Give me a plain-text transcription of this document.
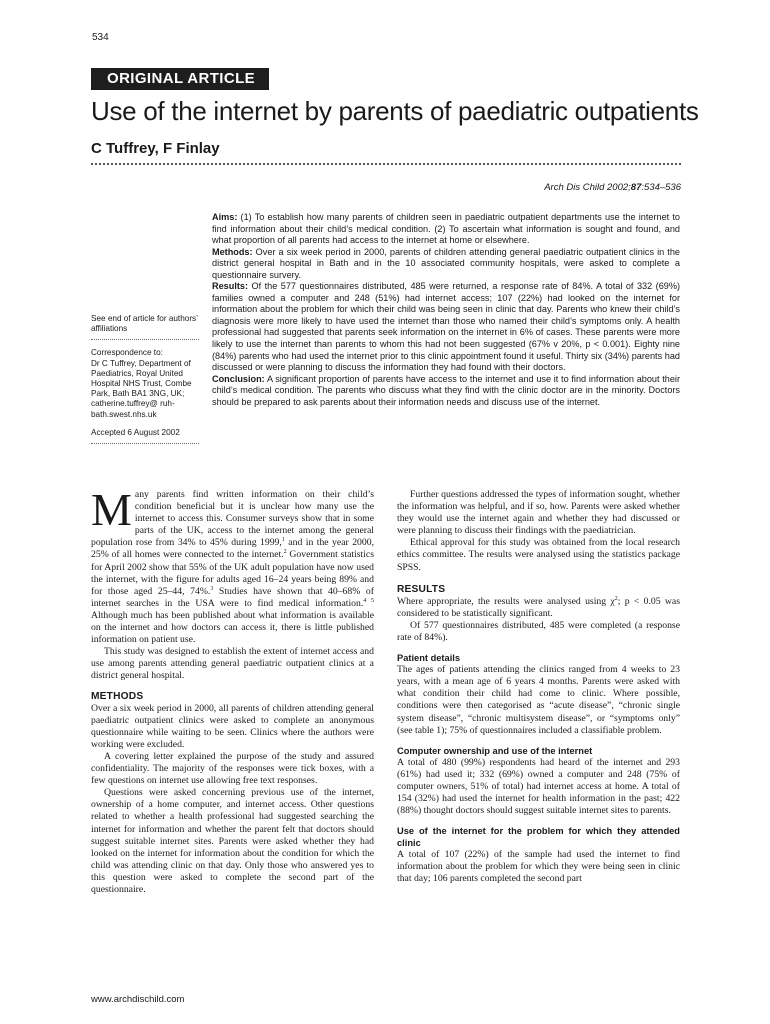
534
ORIGINAL ARTICLE
Use of the internet by parents of paediatric outpatients
C Tuffrey, F Finlay
Arch Dis Child 2002;87:534–536
See end of article for authors’ affiliations
Correspondence to:
Dr C Tuffrey, Department of Paediatrics, Royal United Hospital NHS Trust, Combe Park, Bath BA1 3NG, UK; catherine.tuffrey@ ruh-bath.swest.nhs.uk
Accepted 6 August 2002

Aims: (1) To establish how many parents of children seen in paediatric outpatient departments use the internet to find information about their child’s medical condition. (2) To ascertain what information is sought and found, and what proportion of all parents had access to the internet at home or elsewhere.

Methods: Over a six week period in 2000, parents of children attending general paediatric outpatient clinics in the district general hospital in Bath and in the 10 associated community hospitals, were asked to complete a questionnaire survery.

Results: Of the 577 questionnaires distributed, 485 were returned, a response rate of 84%. A total of 332 (69%) families owned a computer and 248 (51%) had internet access; 107 (22%) had looked on the internet for information about the problem for which their child was being seen in clinic that day. Parents who knew their child’s diagnosis were more likely to have used the internet than those who named their child’s symptoms only. A health professional had suggested that parents seek information on the internet in 6% of cases. These parents were more likely to use the internet than parents to whom this had not been suggested (67% v 20%, p < 0.001). Eighty nine (84%) parents who had used the internet prior to this clinic appointment found it useful. Thirty six (34%) parents had discussed or were planning to discuss the information they had found with their doctors.

Conclusion: A significant proportion of parents have access to the internet and use it to find information about their child’s medical condition. The parents who discuss what they find with the clinic doctor are in the minority. Doctors should be prepared to ask parents about their information needs and discuss use of the internet.

Many parents find written information on their child’s condition beneficial but it is unclear how many use the internet to access this. Consumer surveys show that in some parts of the UK, access to the internet among the general population rose from 34% to 45% during 1999,$^1$ and in the year 2000, 25% of all homes were connected to the internet.$^2$ Government statistics for April 2002 show that 55% of the UK adult population have now used the internet, with the figure for adults aged 16–24 years being 89% and for those aged 25–44, 74%.$^3$ Studies have shown that 40–68% of internet searches in the USA were to find medical information.$^{4 5}$ Although much has been published about what information is available on the internet and how doctors can access it, there is little published information on patient use.

This study was designed to establish the extent of internet access and use among parents attending general paediatric outpatient clinics at a district general hospital.

METHODS

Over a six week period in 2000, all parents of children attending general paediatric outpatient clinics were asked to complete an anonymous questionnaire while waiting to be seen. Clinics where the authors were working were excluded.

A covering letter explained the purpose of the study and assured confidentiality. The majority of the responses were tick boxes, with a few questions on internet use allowing free text responses.

Questions were asked concerning previous use of the internet, ownership of a home computer, and internet access. Other questions related to whether a health professional had suggested searching the internet for information and whether the parent felt that doctors should suggest suitable internet sites. Parents were asked whether they had looked on the internet for information about the condition for which the child was attending clinic on that day. Only those who answered yes to this question were asked to complete the second part of the questionnaire.

Further questions addressed the types of information sought, whether the information was helpful, and if so, how. Parents were asked whether they would use the internet again and whether they had discussed or were planning to discuss their findings with the paediatrician.

Ethical approval for this study was obtained from the local research ethics committee. The results were analysed using the statistics package SPSS.

RESULTS

Where appropriate, the results were analysed using $\chi^2$; p < 0.05 was considered to be statistically significant.

Of 577 questionnaires distributed, 485 were completed (a response rate of 84%).

Patient details

The ages of patients attending the clinics ranged from 4 weeks to 23 years, with a mean age of 6 years 4 months. Parents were asked with what condition their child had come to clinic. Where possible, conditions were then categorised as “acute disease”, “chronic single system disease”, “chronic multisystem disease”, or “symptoms only” (see table 1); 75% of questionnaires included a classifiable problem.

Computer ownership and use of the internet

A total of 480 (99%) respondents had heard of the internet and 293 (61%) had used it; 332 (69%) owned a computer and 248 (75% of computer owners, 51% of total) had internet access at home. A total of 154 (32%) had used the internet for health information in the past; 422 (88%) thought doctors should suggest suitable internet sites to parents.

Use of the internet for the problem for which they attended clinic

A total of 107 (22%) of the sample had used the internet to find information about the problem for which they were being seen in clinic that day; 106 parents completed the second part

www.archdischild.com
